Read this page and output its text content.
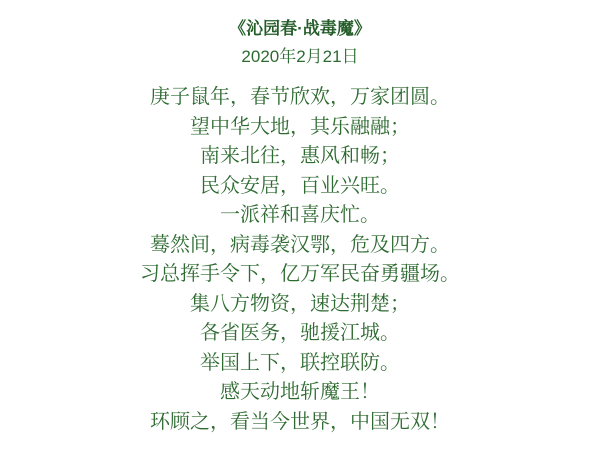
《沁园春·战毒魔》
2020年2月21日
庚子鼠年，春节欣欢，万家团圆。
望中华大地，其乐融融；
南来北往，惠风和畅；
民众安居，百业兴旺。
一派祥和喜庆忙。
蓦然间，病毒袭汉鄂，危及四方。
习总挥手令下，亿万军民奋勇疆场。
集八方物资，速达荆楚；
各省医务，驰援江城。
举国上下，联控联防。
感天动地斩魔王！
环顾之，看当今世界，中国无双！
